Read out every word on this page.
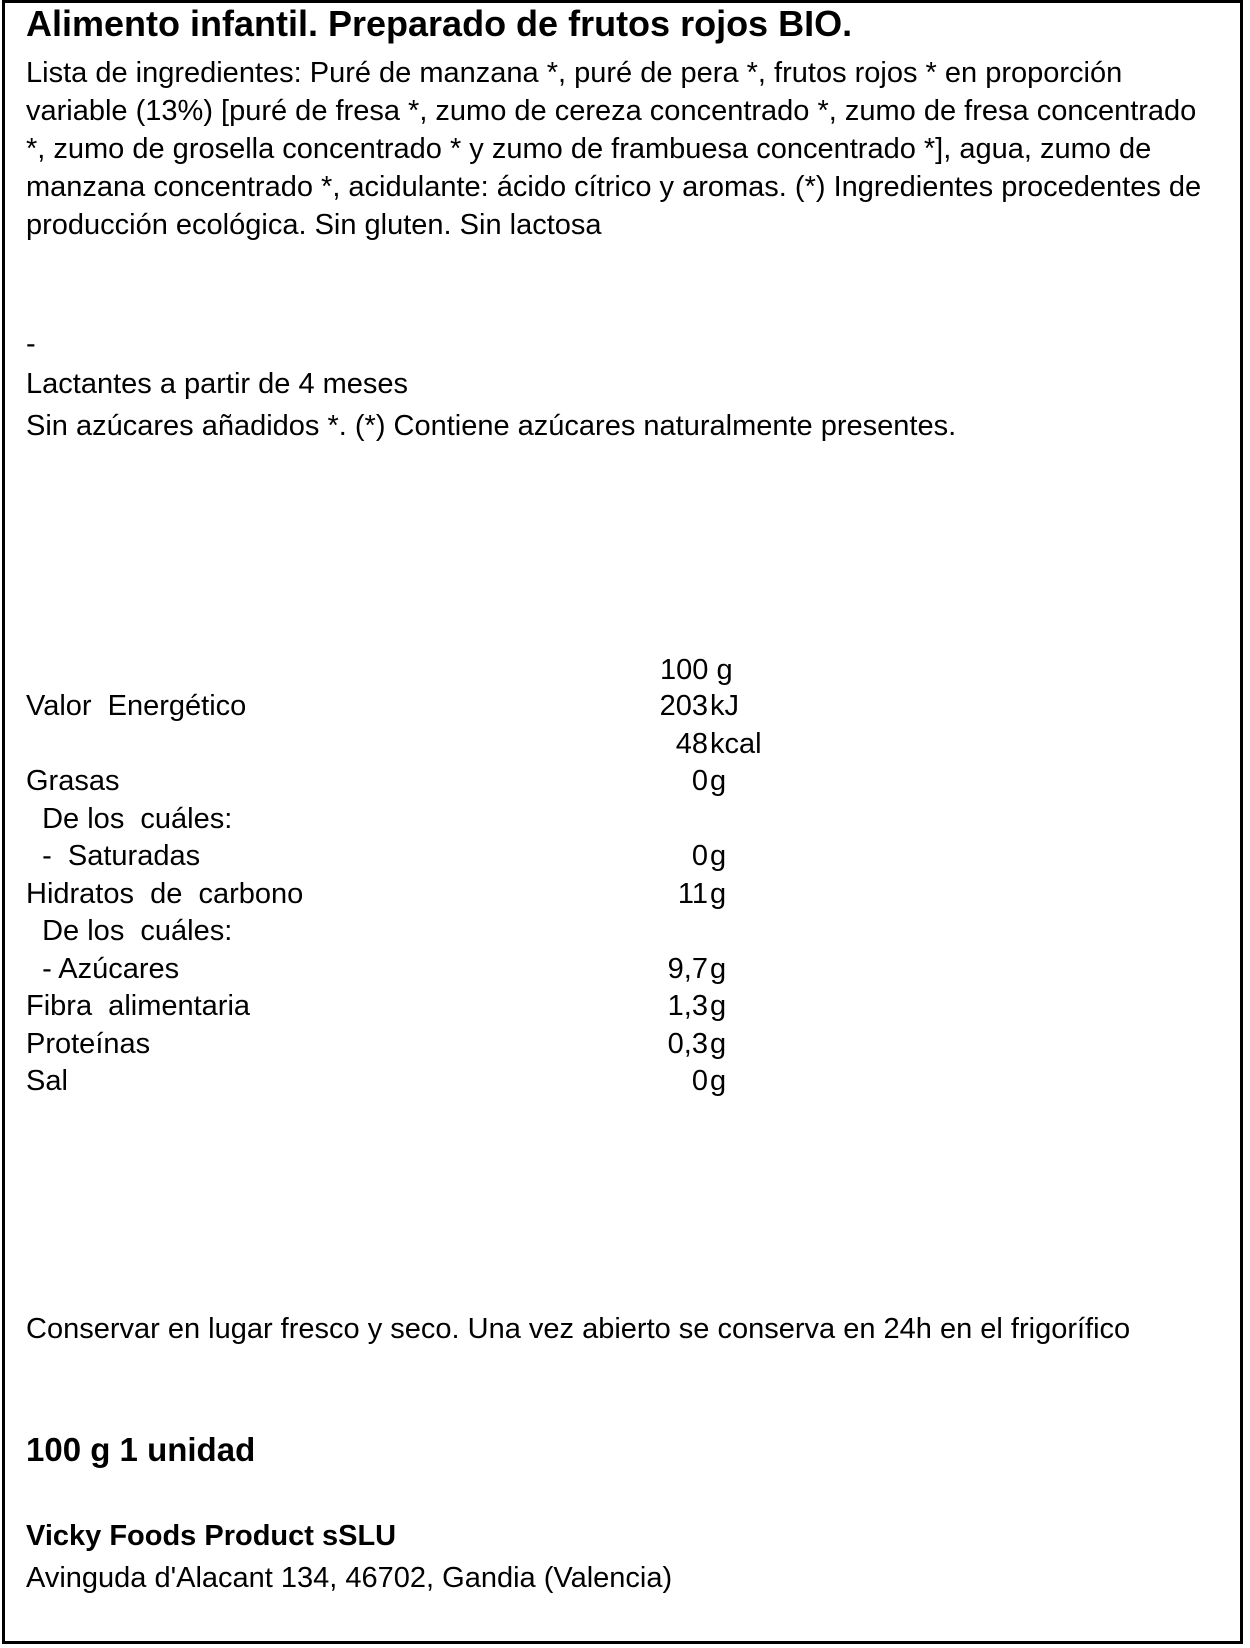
Alimento infantil. Preparado de frutos rojos BIO.
Lista de ingredientes: Puré de manzana *, puré de pera *, frutos rojos * en proporción variable (13%) [puré de fresa *, zumo de cereza concentrado *, zumo de fresa concentrado *, zumo de grosella concentrado * y zumo de frambuesa concentrado *], agua, zumo de manzana concentrado *, acidulante: ácido cítrico y aromas. (*) Ingredientes procedentes de producción ecológica. Sin gluten. Sin lactosa
-
Lactantes a partir de 4 meses
Sin azúcares añadidos *. (*) Contiene azúcares naturalmente presentes.
100 g
Valor  Energético	203 kJ
48 kcal
Grasas	0 g
De los  cuáles:
-  Saturadas	0 g
Hidratos  de  carbono	11 g
De los  cuáles:
- Azúcares	9,7 g
Fibra  alimentaria	1,3 g
Proteínas	0,3 g
Sal	0 g
Conservar en lugar fresco y seco. Una vez abierto se conserva en 24h en el frigorífico
100 g 1 unidad
Vicky Foods Product sSLU
Avinguda d'Alacant 134, 46702, Gandia (Valencia)
